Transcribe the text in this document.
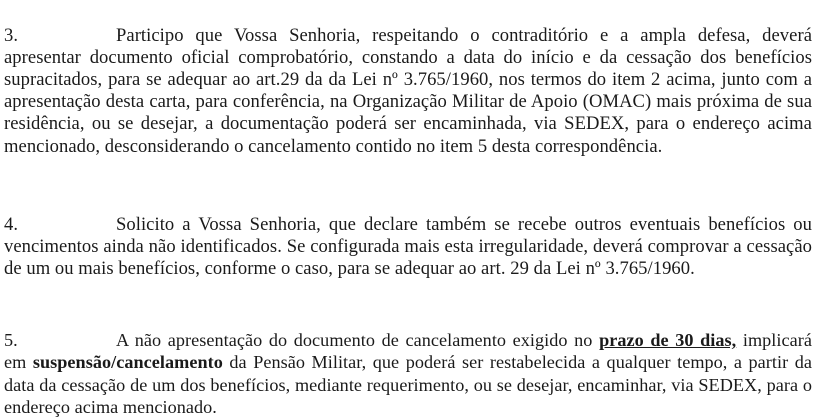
3.	Participo que Vossa Senhoria, respeitando o contraditório e a ampla defesa, deverá apresentar documento oficial comprobatório, constando a data do início e da cessação dos benefícios supracitados, para se adequar ao art.29 da da Lei nº 3.765/1960, nos termos do item 2 acima, junto com a apresentação desta carta, para conferência, na Organização Militar de Apoio (OMAC) mais próxima de sua residência, ou se desejar, a documentação poderá ser encaminhada, via SEDEX, para o endereço acima mencionado, desconsiderando o cancelamento contido no item 5 desta correspondência.

4.	Solicito a Vossa Senhoria, que declare também se recebe outros eventuais benefícios ou vencimentos ainda não identificados. Se configurada mais esta irregularidade, deverá comprovar a cessação de um ou mais benefícios, conforme o caso, para se adequar ao art. 29 da Lei nº 3.765/1960.

5.	A não apresentação do documento de cancelamento exigido no prazo de 30 dias, implicará em suspensão/cancelamento da Pensão Militar, que poderá ser restabelecida a qualquer tempo, a partir da data da cessação de um dos benefícios, mediante requerimento, ou se desejar, encaminhar, via SEDEX, para o endereço acima mencionado.
